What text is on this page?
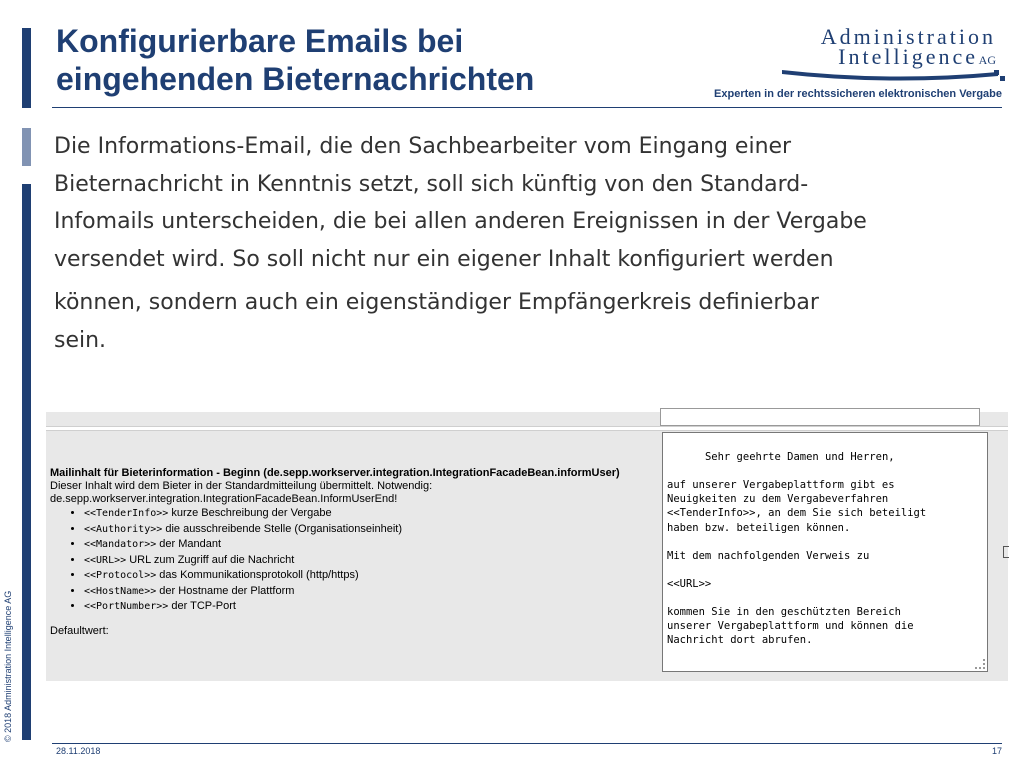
© 2018 Administration Intelligence AG
Konfigurierbare Emails bei eingehenden Bieternachrichten
Administration
Intelligence AG
Experten in der rechtssicheren elektronischen Vergabe
Die Informations-Email, die den Sachbearbeiter vom Eingang einer
Bieternachricht in Kenntnis setzt, soll sich künftig von den Standard-
Infomails unterscheiden, die bei allen anderen Ereignissen in der Vergabe
versendet wird. So soll nicht nur ein eigener Inhalt konfiguriert werden
können, sondern auch ein eigenständiger Empfängerkreis definierbar
sein.
Mailinhalt für Bieterinformation - Beginn (de.sepp.workserver.integration.IntegrationFacadeBean.informUser)
Dieser Inhalt wird dem Bieter in der Standardmitteilung übermittelt. Notwendig:
de.sepp.workserver.integration.IntegrationFacadeBean.InformUserEnd!
• <<TenderInfo>> kurze Beschreibung der Vergabe
• <<Authority>> die ausschreibende Stelle (Organisationseinheit)
• <<Mandator>> der Mandant
• <<URL>> URL zum Zugriff auf die Nachricht
• <<Protocol>> das Kommunikationsprotokoll (http/https)
• <<HostName>> der Hostname der Plattform
• <<PortNumber>> der TCP-Port
Defaultwert:

Sehr geehrte Damen und Herren,

auf unserer Vergabeplattform gibt es
Neuigkeiten zu dem Vergabeverfahren
<<TenderInfo>>, an dem Sie sich beteiligt
haben bzw. beteiligen können.

Mit dem nachfolgenden Verweis zu

<<URL>>

kommen Sie in den geschützten Bereich
unserer Vergabeplattform und können die
Nachricht dort abrufen.

28.11.2018	17
